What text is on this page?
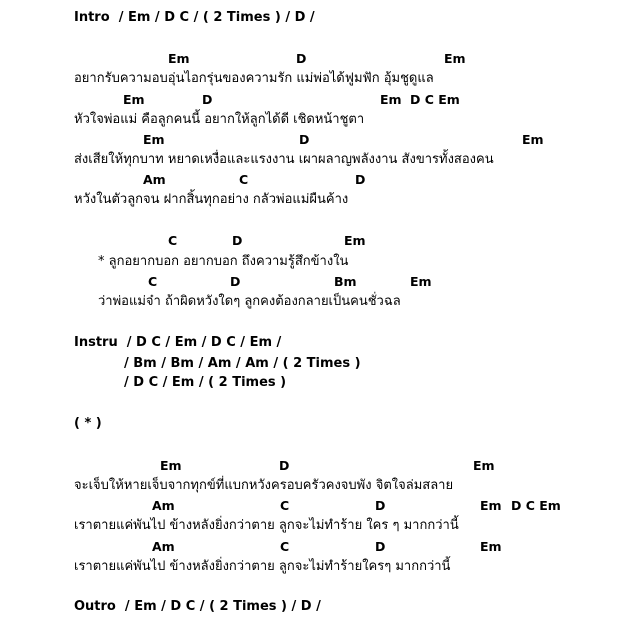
Intro  / Em / D C / ( 2 Times ) / D /
Em	D	Em
อยากรับความอบอุ่นไอกรุ่นของความรัก แม่พ่อได้ฟูมฟัก อุ้มชูดูแล
Em	D	Em D C Em
หัวใจพ่อแม่ คือลูกคนนี้ อยากให้ลูกได้ดี เชิดหน้าชูตา
Em	D	Em
ส่งเสียให้ทุกบาท หยาดเหงื่อและแรงงาน เผาผลาญพลังงาน สังขารทั้งสองคน
Am	C	D
หวังในตัวลูกจน ฝากสิ้นทุกอย่าง กลัวพ่อแม่ผืนค้าง
C	D	Em
* ลูกอยากบอก อยากบอก ถึงความรู้สึกข้างใน
C	D	Bm	Em
ว่าพ่อแม่จ๋า ถ้าผิดหวังใดๆ ลูกคงต้องกลายเป็นคนชั่วฉล
Instru  / D C / Em / D C / Em /
/ Bm / Bm / Am / Am / ( 2 Times )
/ D C / Em / ( 2 Times )
( * )
Em	D	Em
จะเจ็บให้หายเจ็บจากทุกข์ที่แบกหวังครอบครัวคงจบพัง จิตใจล่มสลาย
Am	C	D	Em D C Em
เราตายแค่พันไป ข้างหลังยิ่งกว่าตาย ลูกจะไม่ทำร้าย ใคร ๆ มากกว่านี้
Am	C	D	Em
เราตายแค่พันไป ข้างหลังยิ่งกว่าตาย ลูกจะไม่ทำร้ายใครๆ มากกว่านี้
Outro  / Em / D C / ( 2 Times ) / D /
